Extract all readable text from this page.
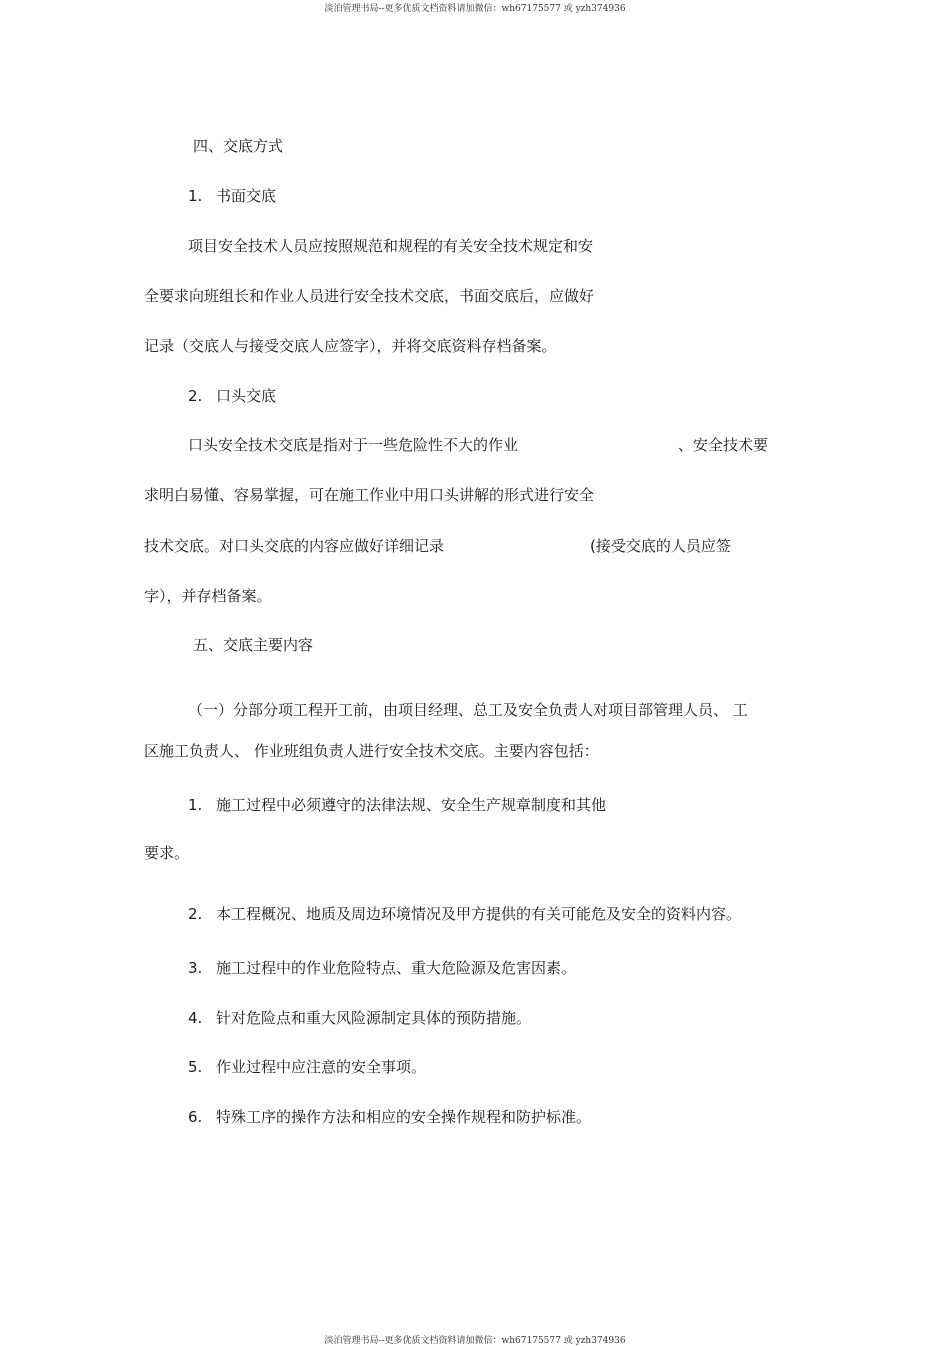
淡泊管理书局--更多优质文档资料请加微信：wh67175577 或 yzh374936
四、交底方式
1. 书面交底
项目安全技术人员应按照规范和规程的有关安全技术规定和安
全要求向班组长和作业人员进行安全技术交底，书面交底后，应做好
记录（交底人与接受交底人应签字），并将交底资料存档备案。
2. 口头交底
口头安全技术交底是指对于一些危险性不大的作业	、安全技术要
求明白易懂、容易掌握，可在施工作业中用口头讲解的形式进行安全
技术交底。对口头交底的内容应做好详细记录	(接受交底的人员应签
字），并存档备案。
五、交底主要内容
（一）分部分项工程开工前，由项目经理、总工及安全负责人对项目部管理人员、 工
区施工负责人、 作业班组负责人进行安全技术交底。主要内容包括：
1. 施工过程中必须遵守的法律法规、安全生产规章制度和其他
要求。
2. 本工程概况、地质及周边环境情况及甲方提供的有关可能危及安全的资料内容。
3. 施工过程中的作业危险特点、重大危险源及危害因素。
4. 针对危险点和重大风险源制定具体的预防措施。
5. 作业过程中应注意的安全事项。
6. 特殊工序的操作方法和相应的安全操作规程和防护标准。
淡泊管理书局--更多优质文档资料请加微信：wh67175577 或 yzh374936
